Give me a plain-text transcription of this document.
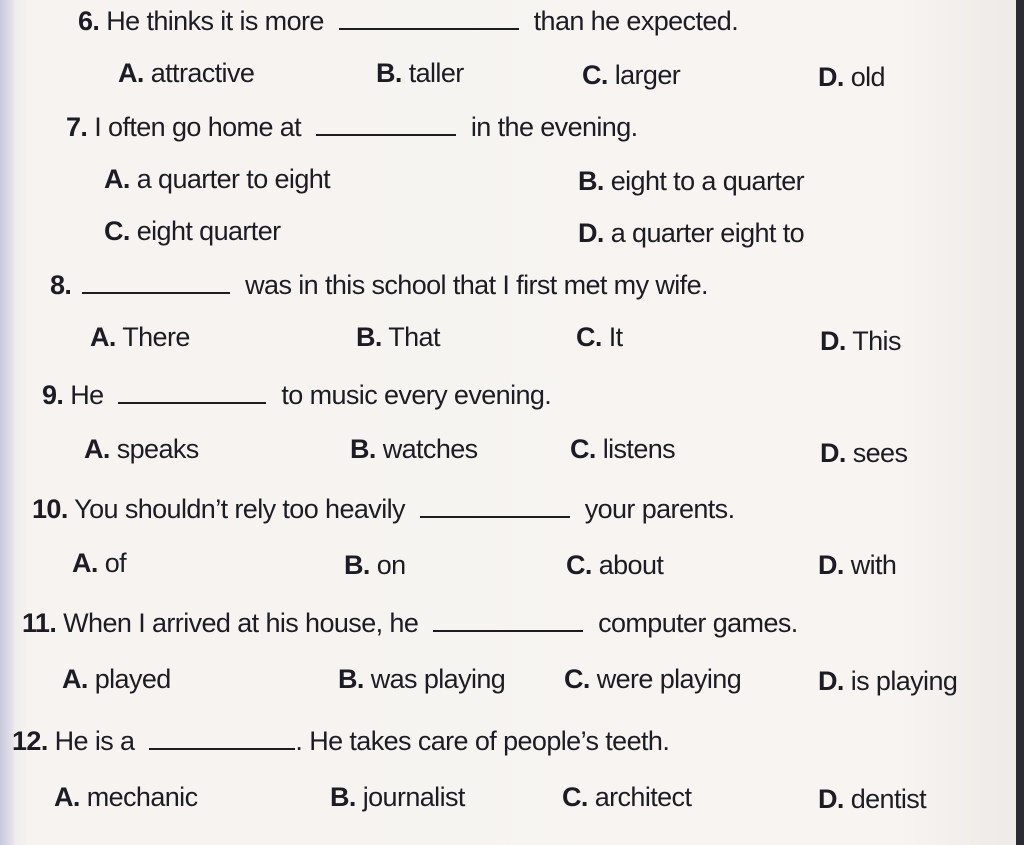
6. He thinks it is more	than he expected.
A. attractive	B. taller	C. larger	D. old
7. I often go home at	in the evening.
A. a quarter to eight	B. eight to a quarter
C. eight quarter	D. a quarter eight to
8.	was in this school that I first met my wife.
A. There	B. That	C. It	D. This
9. He	to music every evening.
A. speaks	B. watches	C. listens	D. sees
10. You shouldn’t rely too heavily	your parents.
A. of	B. on	C. about	D. with
11. When I arrived at his house, he	computer games.
A. played	B. was playing C. were playing	D. is playing
12. He is a	. He takes care of people’s teeth.
A. mechanic	B. journalist	C. architect	D. dentist
